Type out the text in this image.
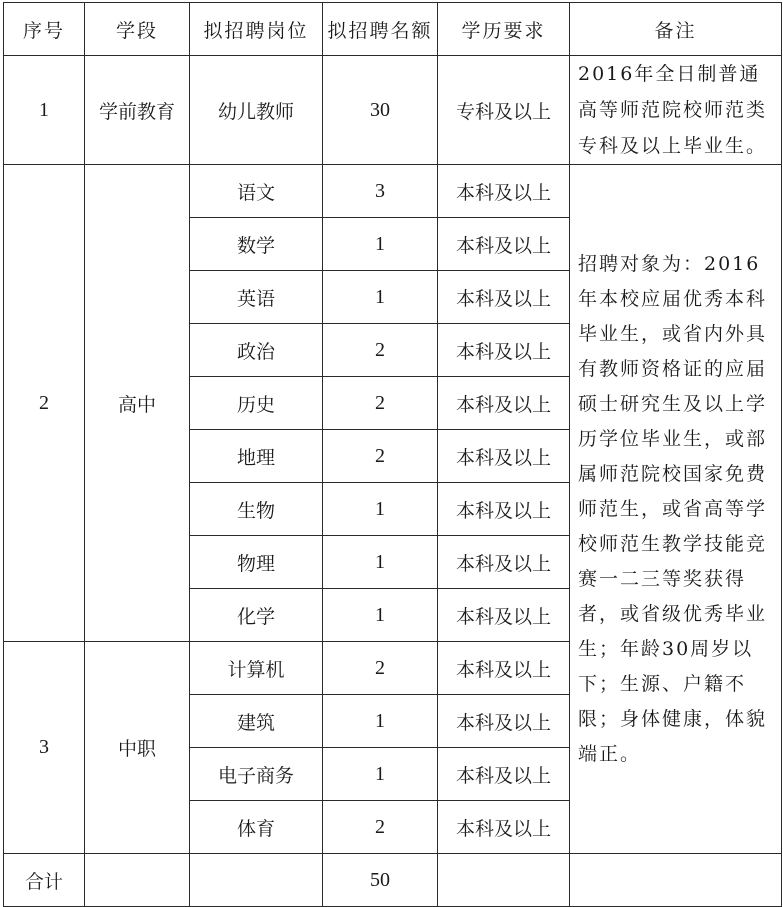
序号	学段	拟招聘岗位	拟招聘名额	学历要求	备注
1	学前教育	幼儿教师	30	专科及以上	2016年全日制普通高等师范院校师范类专科及以上毕业生。
2	高中	语文	3	本科及以上	招聘对象为：2016年本校应届优秀本科毕业生，或省内外具有教师资格证的应届硕士研究生及以上学历学位毕业生，或部属师范院校国家免费师范生，或省高等学校师范生教学技能竞赛一二三等奖获得者，或省级优秀毕业生；年龄30周岁以下；生源、户籍不限；身体健康，体貌端正。
		数学	1	本科及以上	
		英语	1	本科及以上	
		政治	2	本科及以上	
		历史	2	本科及以上	
		地理	2	本科及以上	
		生物	1	本科及以上	
		物理	1	本科及以上	
		化学	1	本科及以上	
3	中职	计算机	2	本科及以上	
		建筑	1	本科及以上	
		电子商务	1	本科及以上	
		体育	2	本科及以上	
合计			50		
